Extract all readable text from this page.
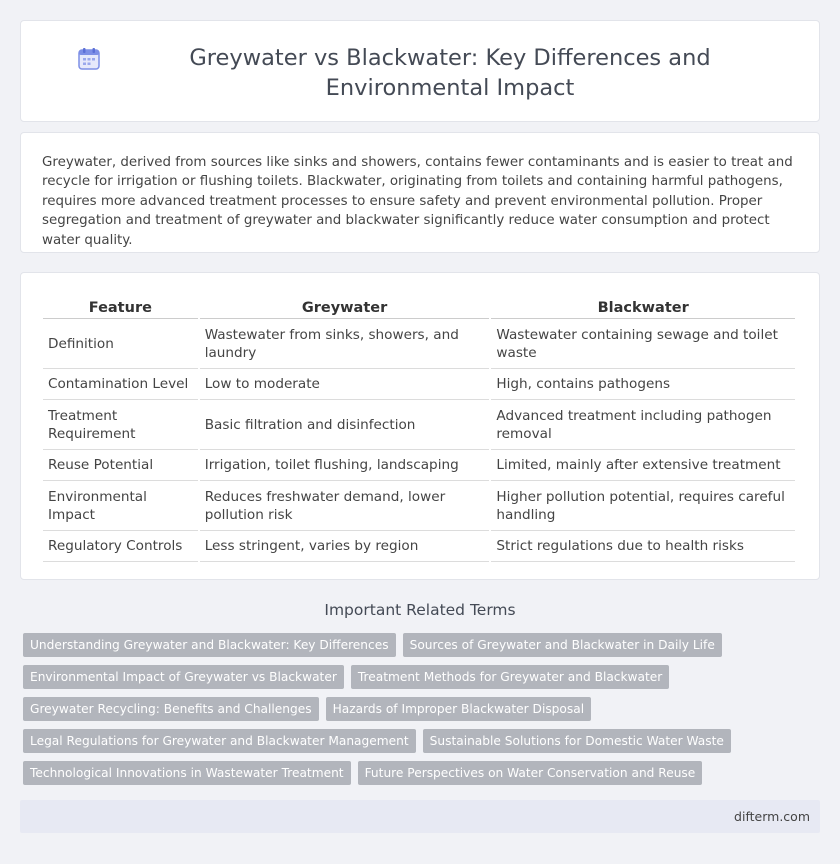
Greywater vs Blackwater: Key Differences and Environmental Impact

Greywater, derived from sources like sinks and showers, contains fewer contaminants and is easier to treat and recycle for irrigation or flushing toilets. Blackwater, originating from toilets and containing harmful pathogens, requires more advanced treatment processes to ensure safety and prevent environmental pollution. Proper segregation and treatment of greywater and blackwater significantly reduce water consumption and protect water quality.

Feature	Greywater	Blackwater
Definition	Wastewater from sinks, showers, and laundry	Wastewater containing sewage and toilet waste
Contamination Level	Low to moderate	High, contains pathogens
Treatment Requirement	Basic filtration and disinfection	Advanced treatment including pathogen removal
Reuse Potential	Irrigation, toilet flushing, landscaping	Limited, mainly after extensive treatment
Environmental Impact	Reduces freshwater demand, lower pollution risk	Higher pollution potential, requires careful handling
Regulatory Controls	Less stringent, varies by region	Strict regulations due to health risks
Important Related Terms
Understanding Greywater and Blackwater: Key Differences	Sources of Greywater and Blackwater in Daily Life
Environmental Impact of Greywater vs Blackwater	Treatment Methods for Greywater and Blackwater
Greywater Recycling: Benefits and Challenges	Hazards of Improper Blackwater Disposal
Legal Regulations for Greywater and Blackwater Management	Sustainable Solutions for Domestic Water Waste
Technological Innovations in Wastewater Treatment	Future Perspectives on Water Conservation and Reuse
difterm.com
